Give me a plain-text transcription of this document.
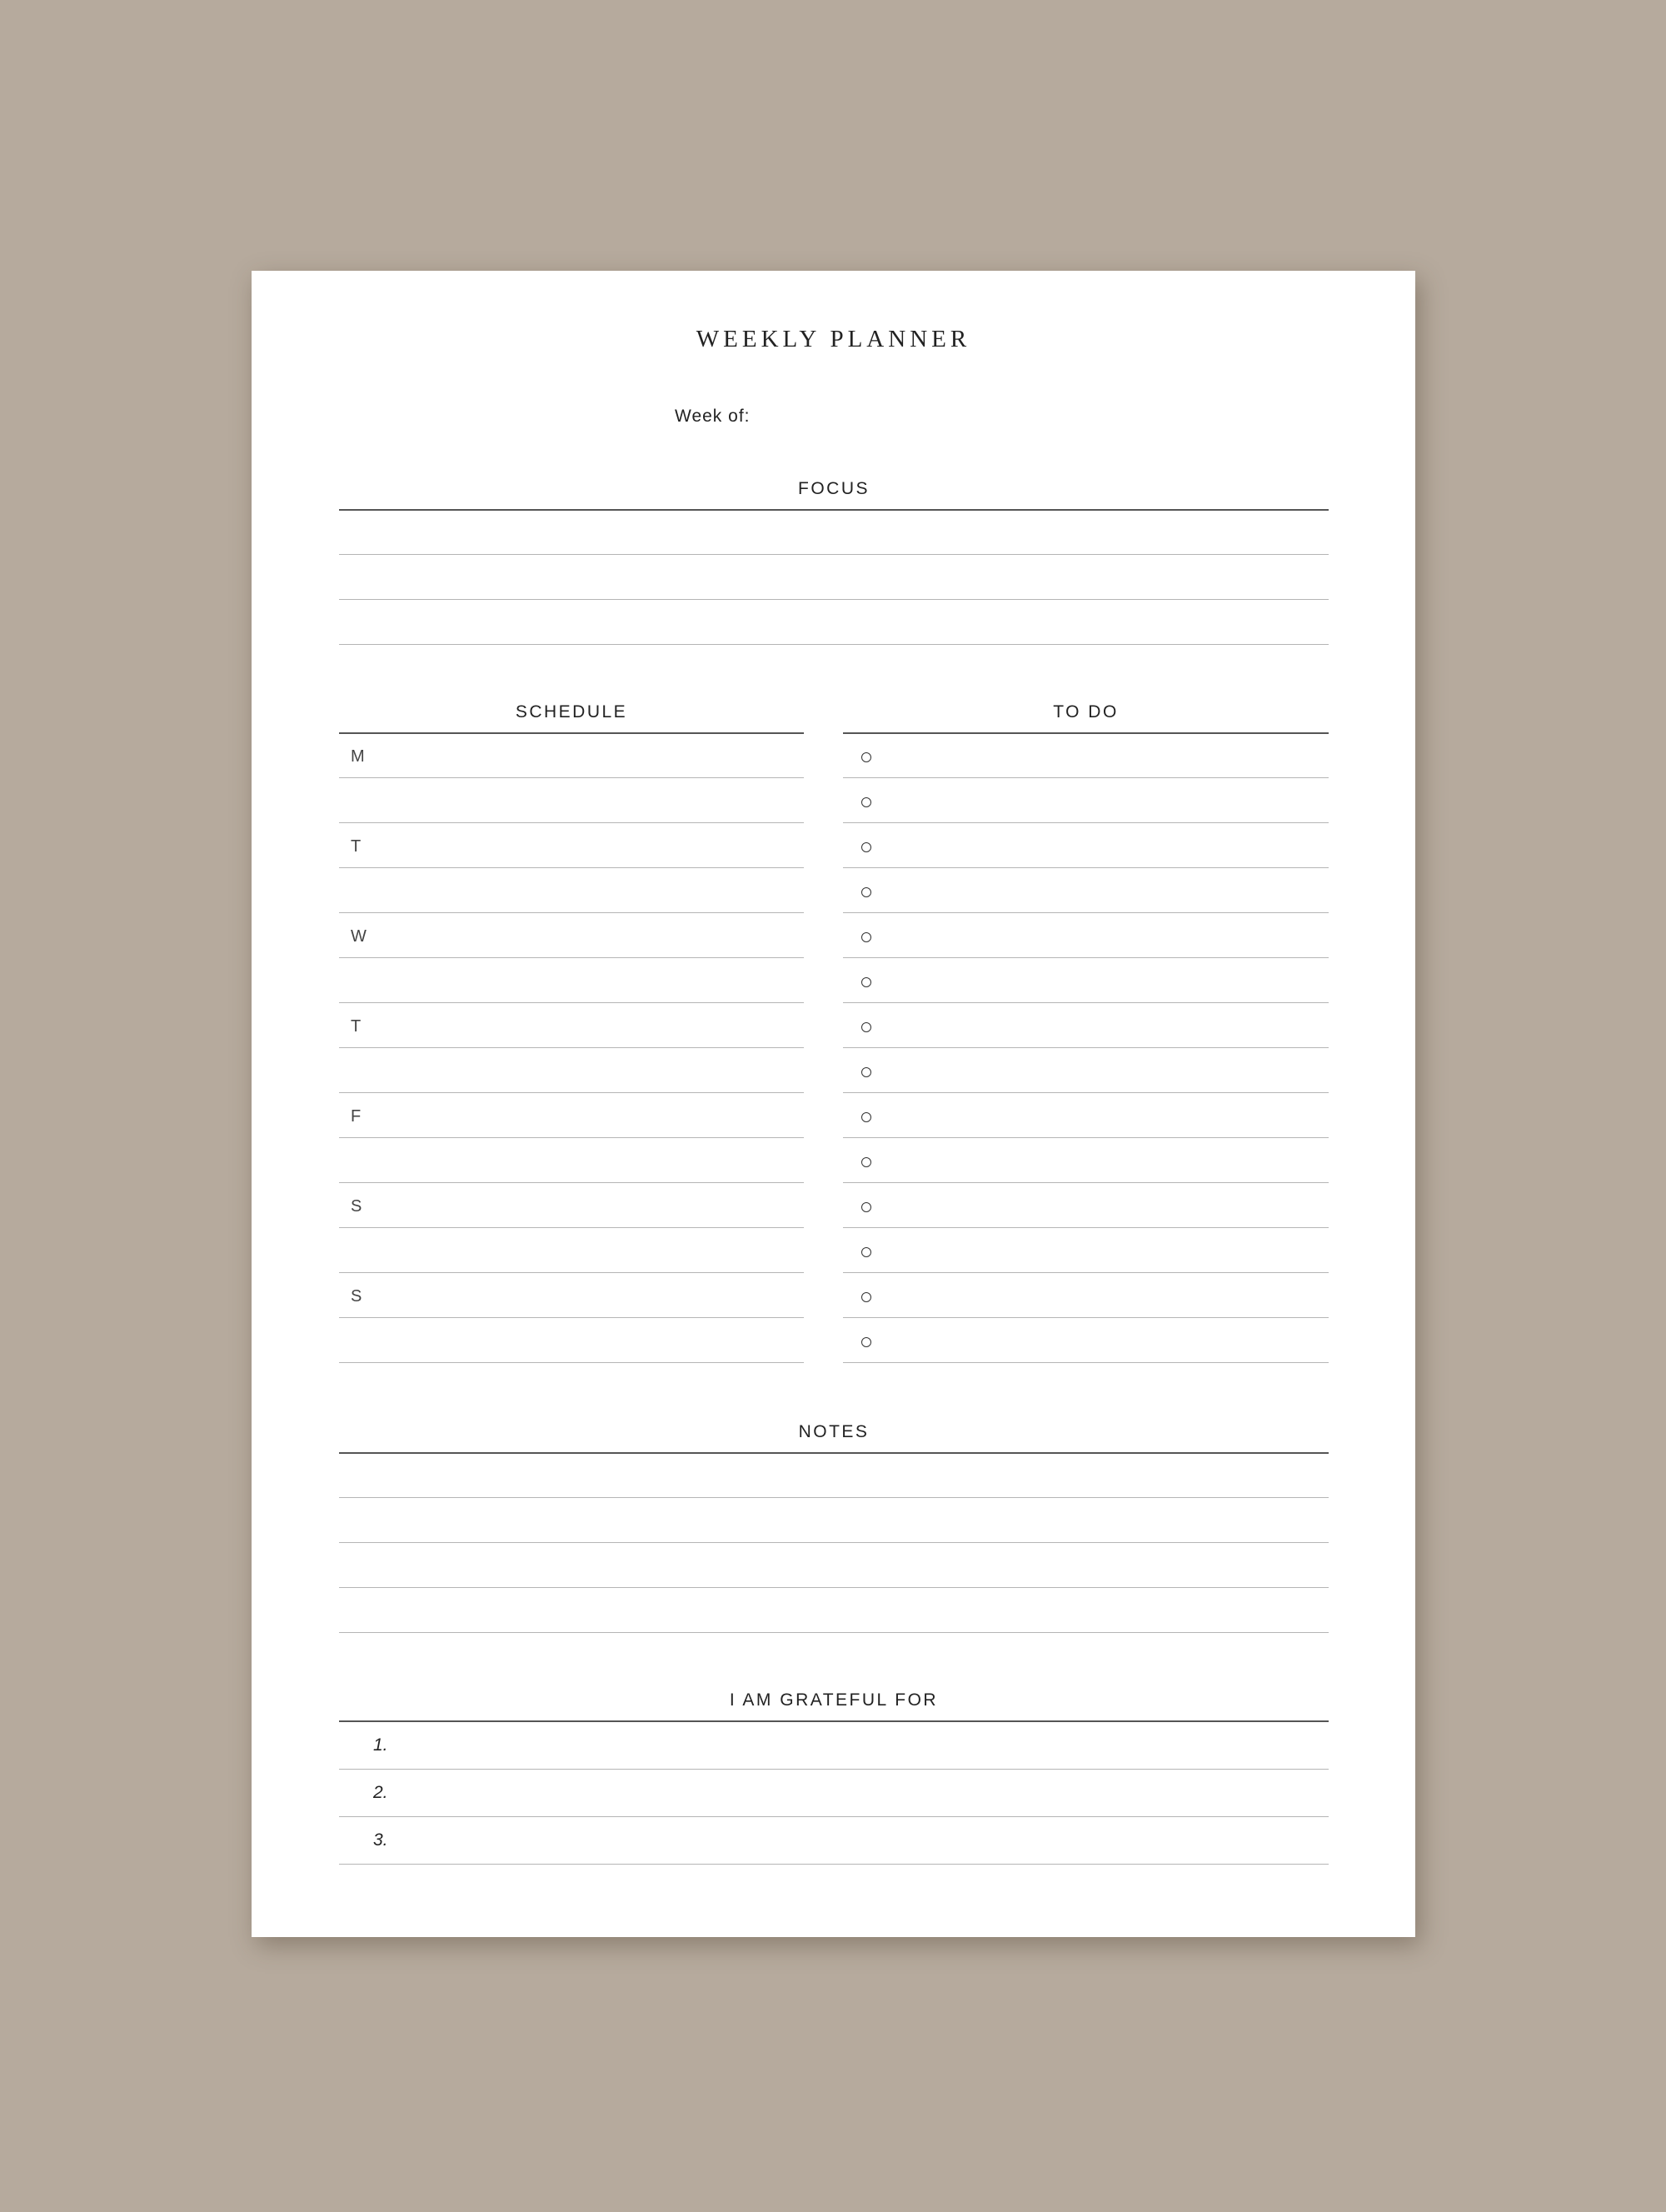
WEEKLY PLANNER
Week of:
FOCUS
SCHEDULE
M
T
W
T
F
S
S
TO DO
NOTES
I AM GRATEFUL FOR
1.
2.
3.
